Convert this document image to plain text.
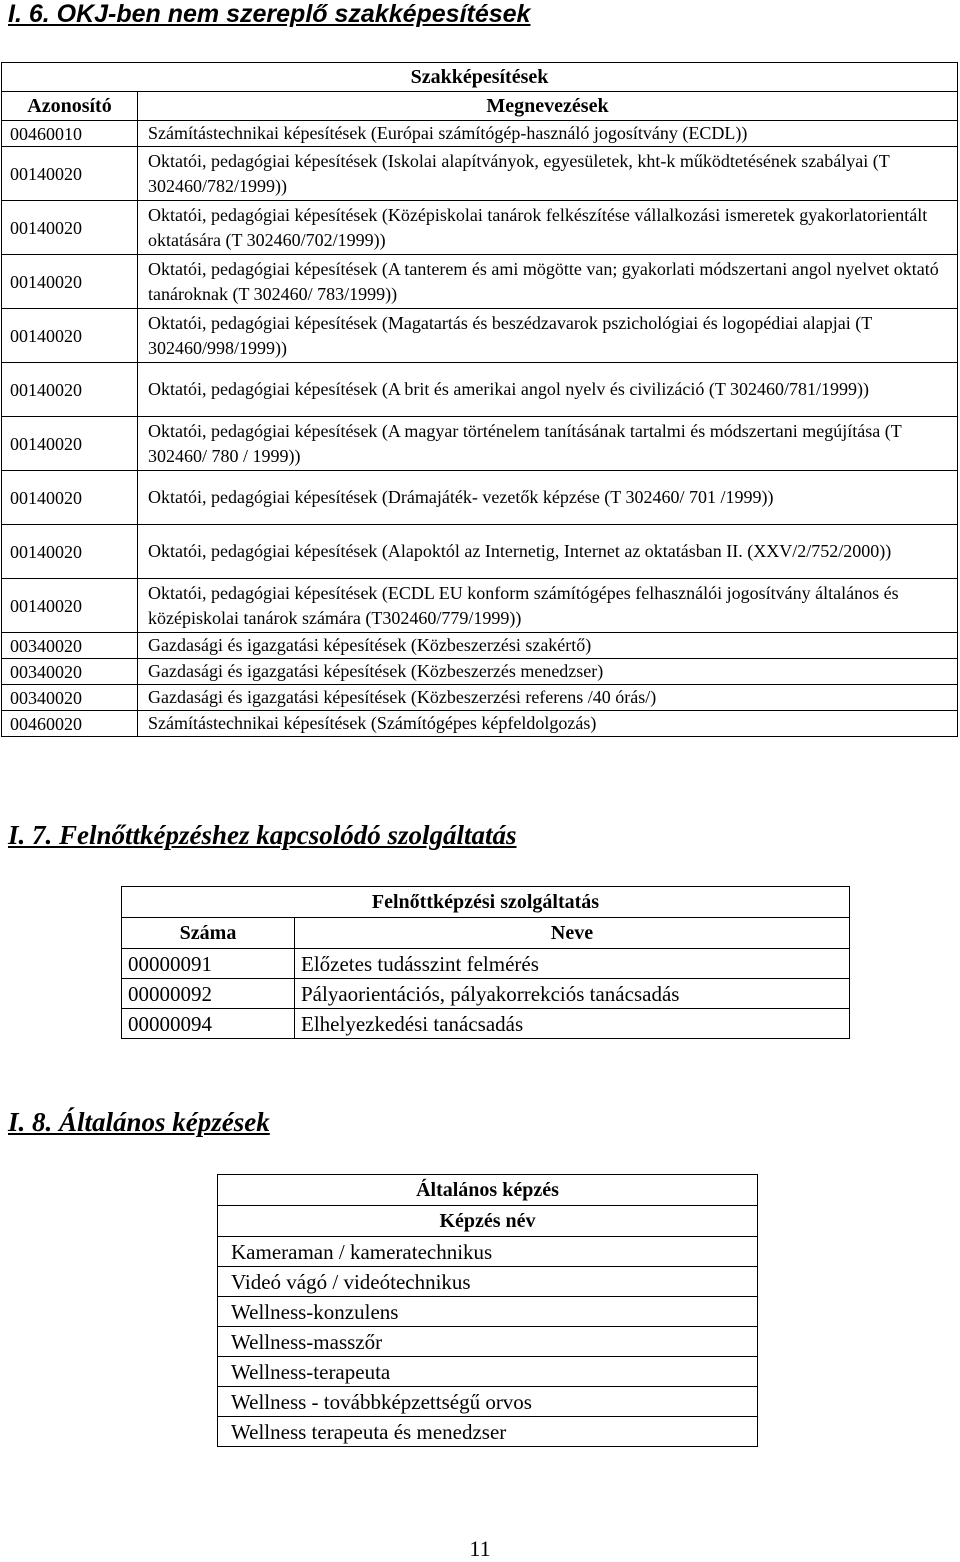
I. 6. OKJ-ben nem szereplő szakképesítések
Szakképesítések	
Azonosító	Megnevezések
00460010	Számítástechnikai képesítések (Európai számítógép-használó jogosítvány (ECDL))
00140020	Oktatói, pedagógiai képesítések (Iskolai alapítványok, egyesületek, kht-k működtetésének szabályai (T 302460/782/1999))
00140020	Oktatói, pedagógiai képesítések (Középiskolai tanárok felkészítése vállalkozási ismeretek gyakorlatorientált oktatására (T 302460/702/1999))
00140020	Oktatói, pedagógiai képesítések (A tanterem és ami mögötte van; gyakorlati módszertani angol nyelvet oktató tanároknak (T 302460/ 783/1999))
00140020	Oktatói, pedagógiai képesítések (Magatartás és beszédzavarok pszichológiai és logopédiai alapjai (T 302460/998/1999))
00140020	Oktatói, pedagógiai képesítések (A brit és amerikai angol nyelv és civilizáció (T 302460/781/1999))
00140020	Oktatói, pedagógiai képesítések (A magyar történelem tanításának tartalmi és módszertani megújítása (T 302460/ 780 / 1999))
00140020	Oktatói, pedagógiai képesítések (Drámajáték- vezetők képzése (T 302460/ 701 /1999))
00140020	Oktatói, pedagógiai képesítések (Alapoktól az Internetig, Internet az oktatásban II. (XXV/2/752/2000))
00140020	Oktatói, pedagógiai képesítések (ECDL EU konform számítógépes felhasználói jogosítvány általános és középiskolai tanárok számára (T302460/779/1999))
00340020	Gazdasági és igazgatási képesítések (Közbeszerzési szakértő)
00340020	Gazdasági és igazgatási képesítések (Közbeszerzés menedzser)
00340020	Gazdasági és igazgatási képesítések (Közbeszerzési referens /40 órás/)
00460020	Számítástechnikai képesítések (Számítógépes képfeldolgozás)
I. 7. Felnőttképzéshez kapcsolódó szolgáltatás
Felnőttképzési szolgáltatás	
Száma	Neve
00000091	Előzetes tudásszint felmérés
00000092	Pályaorientációs, pályakorrekciós tanácsadás
00000094	Elhelyezkedési tanácsadás
I. 8. Általános képzések
Általános képzés
Képzés név
Kameraman / kameratechnikus
Videó vágó / videótechnikus
Wellness-konzulens
Wellness-masszőr
Wellness-terapeuta
Wellness - továbbképzettségű orvos
Wellness terapeuta és menedzser
11
